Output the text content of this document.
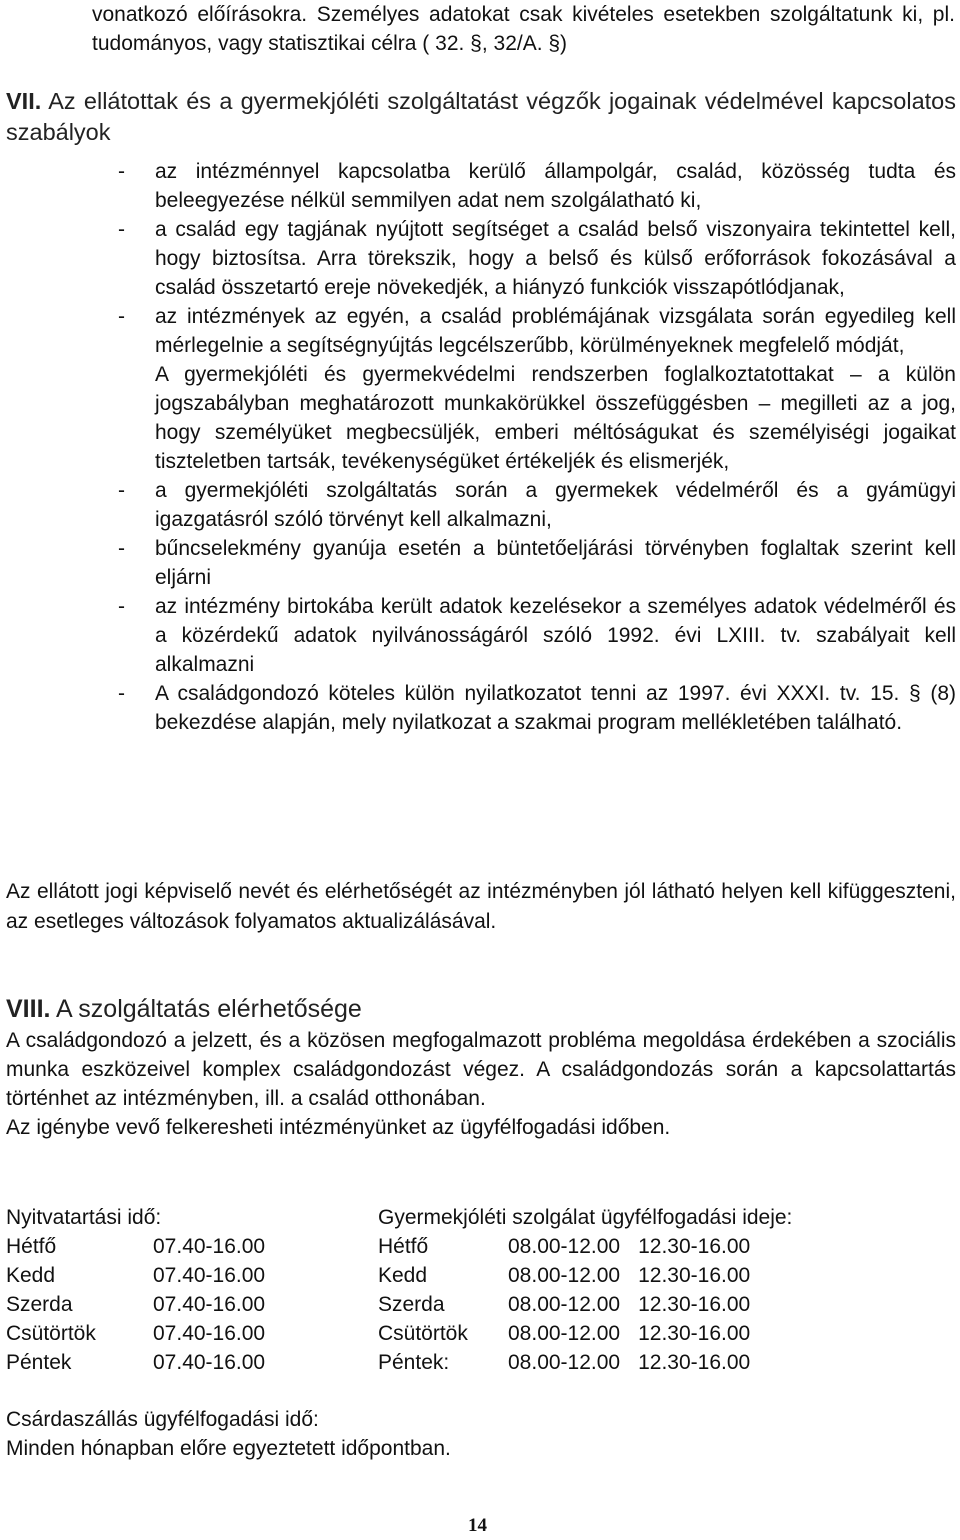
vonatkozó előírásokra. Személyes adatokat csak kivételes esetekben szolgáltatunk ki, pl. tudományos, vagy statisztikai célra ( 32. §, 32/A. §)

VII. Az ellátottak és a gyermekjóléti szolgáltatást végzők jogainak védelmével kapcsolatos szabályok

- az intézménnyel kapcsolatba kerülő állampolgár, család, közösség tudta és beleegyezése nélkül semmilyen adat nem szolgálatható ki,
- a család egy tagjának nyújtott segítséget a család belső viszonyaira tekintettel kell, hogy biztosítsa. Arra törekszik, hogy a belső és külső erőforrások fokozásával a család összetartó ereje növekedjék, a hiányzó funkciók visszapótlódjanak,
- az intézmények az egyén, a család problémájának vizsgálata során egyedileg kell mérlegelnie a segítségnyújtás legcélszerűbb, körülményeknek megfelelő módját,
A gyermekjóléti és gyermekvédelmi rendszerben foglalkoztatottakat – a külön jogszabályban meghatározott munkakörükkel összefüggésben – megilleti az a jog, hogy személyüket megbecsüljék, emberi méltóságukat és személyiségi jogaikat tiszteletben tartsák, tevékenységüket értékeljék és elismerjék,
- a gyermekjóléti szolgáltatás során a gyermekek védelméről és a gyámügyi igazgatásról szóló törvényt kell alkalmazni,
- bűncselekmény gyanúja esetén a büntetőeljárási törvényben foglaltak szerint kell eljárni
- az intézmény birtokába került adatok kezelésekor a személyes adatok védelméről és a közérdekű adatok nyilvánosságáról szóló 1992. évi LXIII. tv. szabályait kell alkalmazni
- A családgondozó köteles külön nyilatkozatot tenni az 1997. évi XXXI. tv. 15. § (8) bekezdése alapján, mely nyilatkozat a szakmai program mellékletében található.

Az ellátott jogi képviselő nevét és elérhetőségét az intézményben jól látható helyen kell kifüggeszteni, az esetleges változások folyamatos aktualizálásával.

VIII. A szolgáltatás elérhetősége

A családgondozó a jelzett, és a közösen megfogalmazott probléma megoldása érdekében a szociális munka eszközeivel komplex családgondozást végez. A családgondozás során a kapcsolattartás történhet az intézményben, ill. a család otthonában.

Az igénybe vevő felkeresheti intézményünket az ügyfélfogadási időben.

Nyitvatartási idő:
Hétfő	07.40-16.00
Kedd	07.40-16.00
Szerda	07.40-16.00
Csütörtök	07.40-16.00
Péntek	07.40-16.00
Gyermekjóléti szolgálat ügyfélfogadási ideje:
Hétfő	08.00-12.00 12.30-16.00
Kedd	08.00-12.00 12.30-16.00
Szerda	08.00-12.00 12.30-16.00
Csütörtök 08.00-12.00 12.30-16.00
Péntek:	08.00-12.00 12.30-16.00

Csárdaszállás ügyfélfogadási idő:

Minden hónapban előre egyeztetett időpontban.

14
